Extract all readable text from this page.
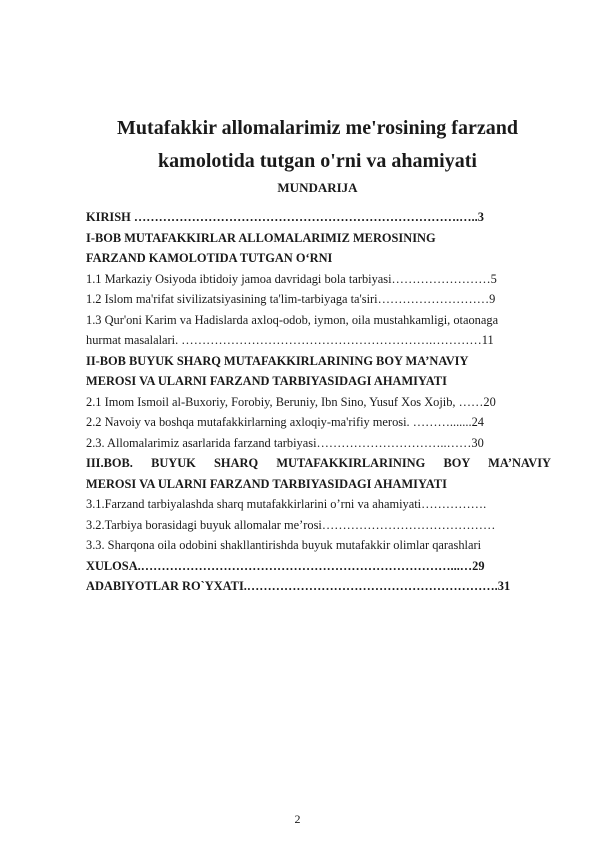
Mutafakkir allomalarimiz me'rosining farzand
kamolotida tutgan o'rni va ahamiyati
MUNDARIJA
KIRISH …………………………………………………………………….…..3
I-BOB MUTAFAKKIRLAR ALLOMALARIMIZ MEROSINING
FARZAND KAMOLOTIDA TUTGAN O‘RNI
1.1 Markaziy Osiyoda ibtidoiy jamoa davridagi bola tarbiyasi……………………5
1.2 Islom ma'rifat sivilizatsiyasining ta'lim-tarbiyaga ta'siri………………………9
1.3 Qur'oni Karim va Hadislarda axloq-odob, iymon, oila mustahkamligi, otaonaga
hurmat masalalari. …………………………………………………….…………11
II-BOB BUYUK SHARQ MUTAFAKKIRLARINING BOY MA’NAVIY
MEROSI VA ULARNI FARZAND TARBIYASIDAGI AHAMIYATI
2.1 Imom Ismoil al-Buxoriy, Forobiy, Beruniy, Ibn Sino, Yusuf Xos Xojib, ……20
2.2 Navoiy va boshqa mutafakkirlarning axloqiy-ma'rifiy merosi. ……….......24
2.3. Allomalarimiz asarlarida farzand tarbiyasi…………………………..……30
III.BOB. BUYUK SHARQ MUTAFAKKIRLARINING BOY MA’NAVIY
MEROSI VA ULARNI FARZAND TARBIYASIDAGI AHAMIYATI
3.1.Farzand tarbiyalashda sharq mutafakkirlarini o’rni va ahamiyati…………….
3.2.Tarbiya borasidagi buyuk allomalar me’rosi……………………………………
3.3. Sharqona oila odobini shakllantirishda buyuk mutafakkir olimlar qarashlari
XULOSA.…………………………………………………………………...…29
ADABIYOTLAR RO`YXATI.…………………………………………………….31
2
